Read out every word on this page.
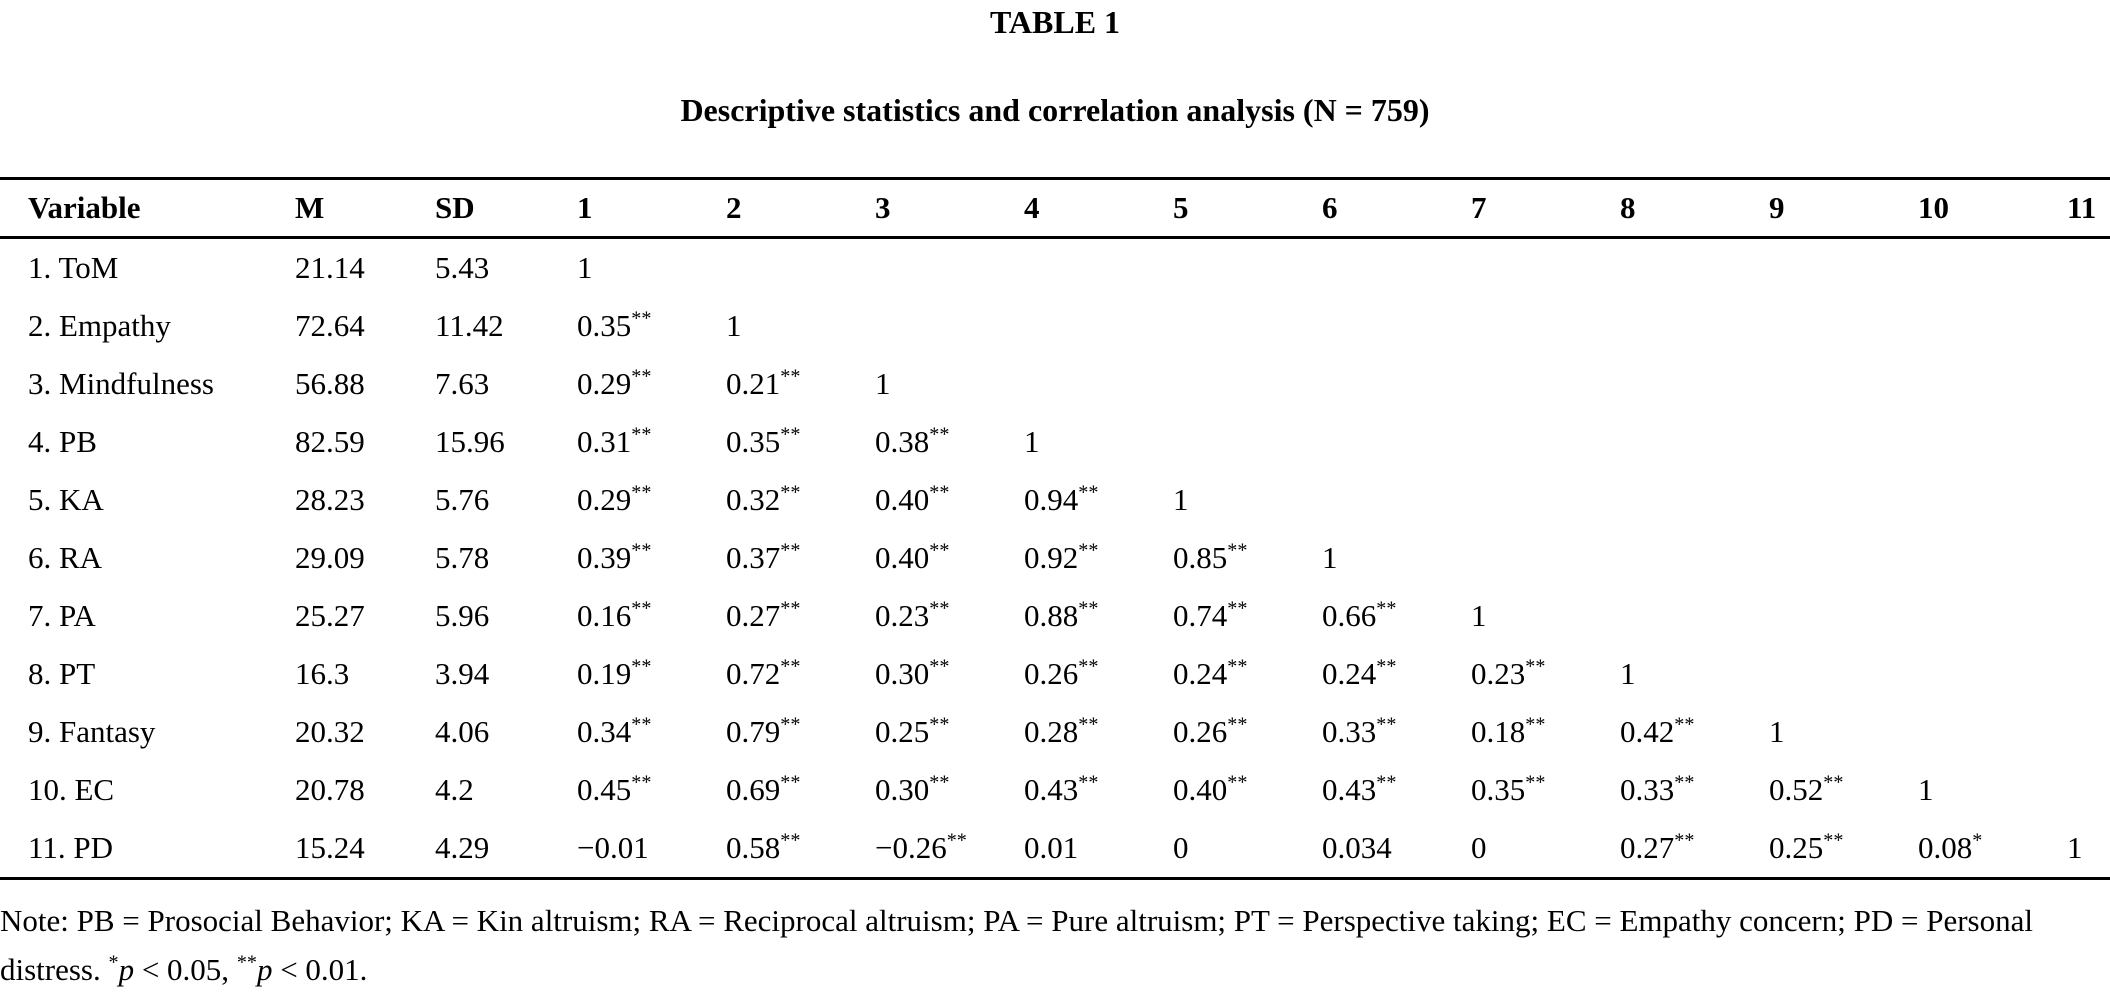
TABLE 1
Descriptive statistics and correlation analysis (N = 759)
Variable	M	SD	1	2	3	4	5	6	7	8	9	10	11
1. ToM	21.14	5.43	1										
2. Empathy	72.64	11.42	0.35**	1									
3. Mindfulness	56.88	7.63	0.29**	0.21**	1								
4. PB	82.59	15.96	0.31**	0.35**	0.38**	1							
5. KA	28.23	5.76	0.29**	0.32**	0.40**	0.94**	1						
6. RA	29.09	5.78	0.39**	0.37**	0.40**	0.92**	0.85**	1					
7. PA	25.27	5.96	0.16**	0.27**	0.23**	0.88**	0.74**	0.66**	1				
8. PT	16.3	3.94	0.19**	0.72**	0.30**	0.26**	0.24**	0.24**	0.23**	1			
9. Fantasy	20.32	4.06	0.34**	0.79**	0.25**	0.28**	0.26**	0.33**	0.18**	0.42**	1		
10. EC	20.78	4.2	0.45**	0.69**	0.30**	0.43**	0.40**	0.43**	0.35**	0.33**	0.52**	1	
11. PD	15.24	4.29	−0.01	0.58**	−0.26**	0.01	0	0.034	0	0.27**	0.25**	0.08*	1

Note: PB = Prosocial Behavior; KA = Kin altruism; RA = Reciprocal altruism; PA = Pure altruism; PT = Perspective taking; EC = Empathy concern; PD = Personal distress. *p < 0.05, **p < 0.01.
